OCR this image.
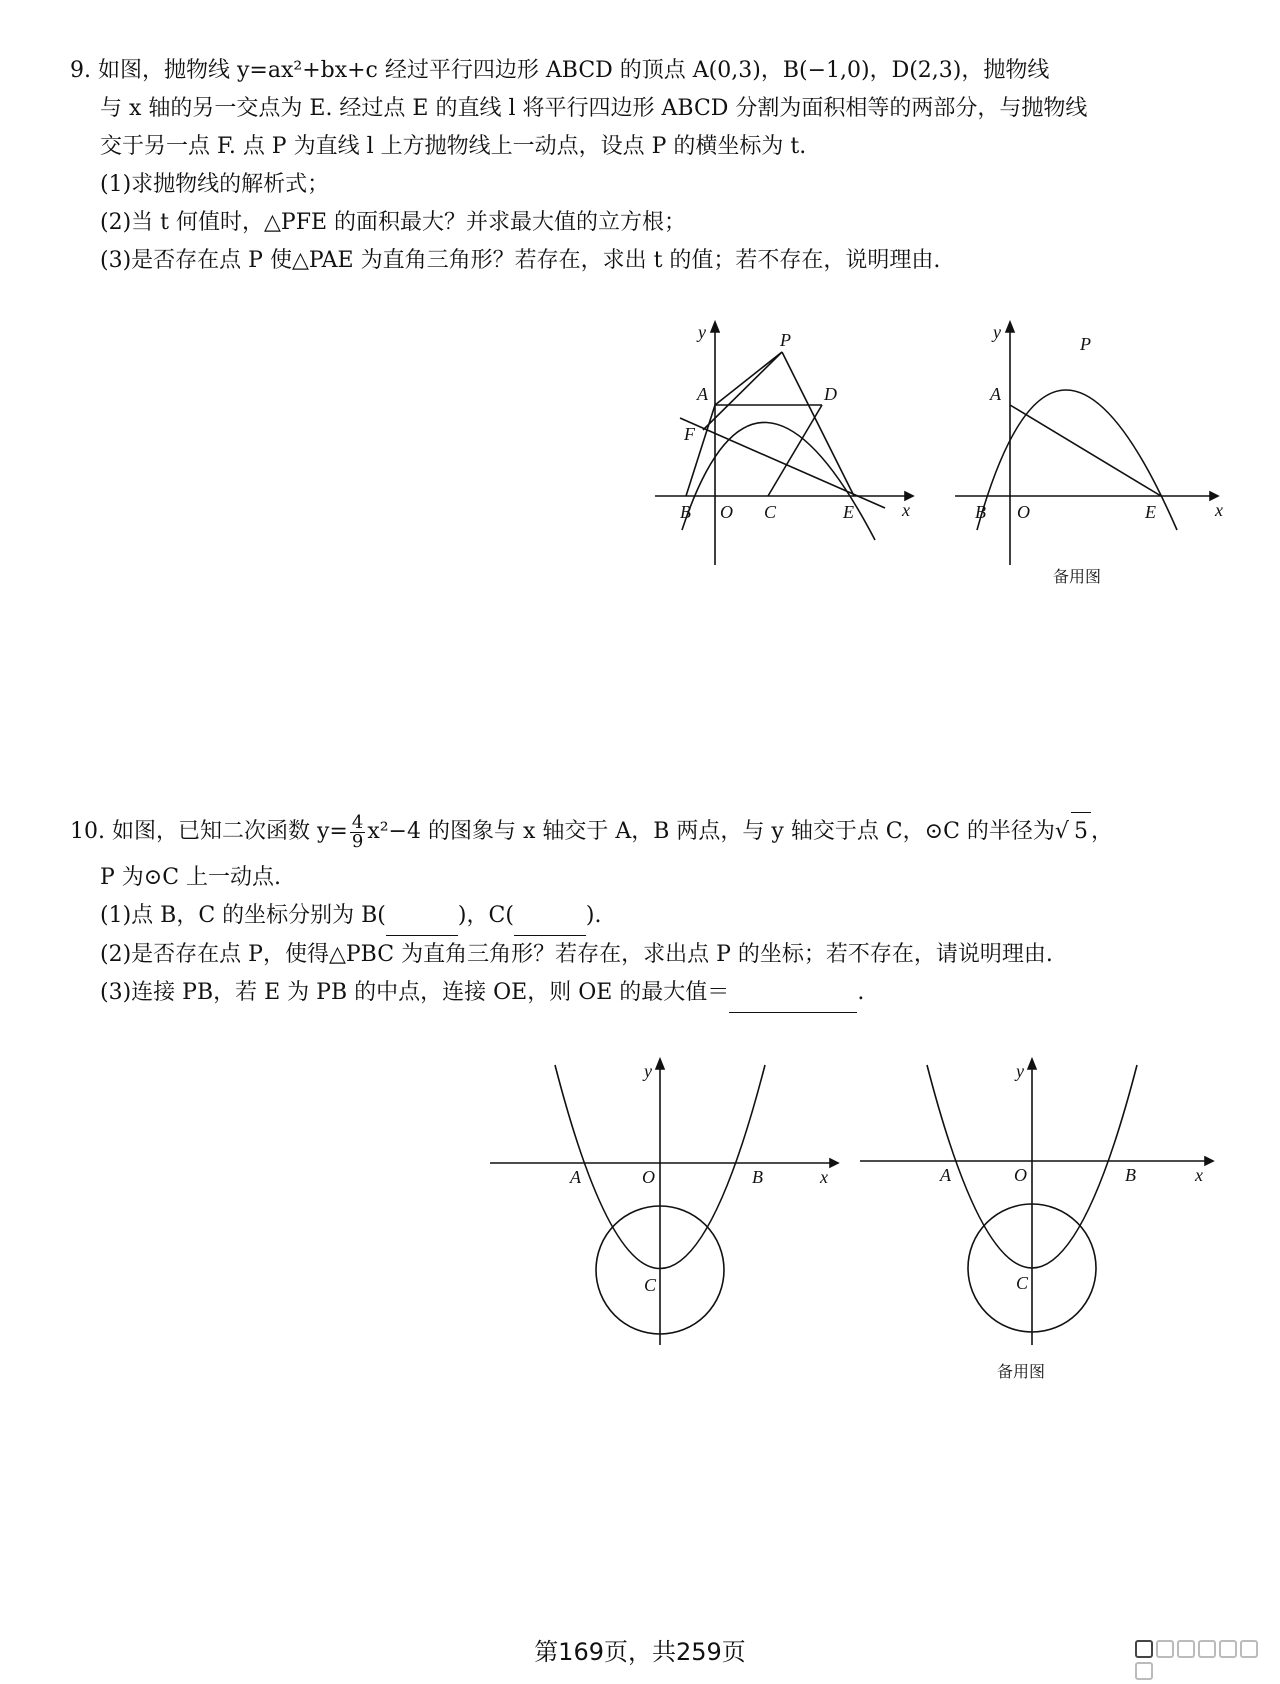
9. 如图，抛物线 y=ax²+bx+c 经过平行四边形 ABCD 的顶点 A(0,3)，B(−1,0)，D(2,3)，抛物线
与 x 轴的另一交点为 E. 经过点 E 的直线 l 将平行四边形 ABCD 分割为面积相等的两部分，与抛物线
交于另一点 F. 点 P 为直线 l 上方抛物线上一动点，设点 P 的横坐标为 t.
(1)求抛物线的解析式；
(2)当 t 何值时，△PFE 的面积最大？并求最大值的立方根；
(3)是否存在点 P 使△PAE 为直角三角形？若存在，求出 t 的值；若不存在，说明理由.
y
x
P
A	D
F
B O C	E
y
x
P
A
B O	E
备用图
10. 如图，已知二次函数 $y= \frac{4}{9} x^2-4$ 的图象与 x 轴交于 A，B 两点，与 y 轴交于点 C，⊙C 的半径为√ 5 ，
P 为⊙C 上一动点.
(1)点 B，C 的坐标分别为 B(	)，C(	).
(2)是否存在点 P，使得△PBC 为直角三角形？若存在，求出点 P 的坐标；若不存在，请说明理由.
(3)连接 PB，若 E 为 PB 的中点，连接 OE，则 OE 的最大值＝	.
y
x
A	O	B
C
y
x
A	O	B
C
备用图
第169页，共259页
